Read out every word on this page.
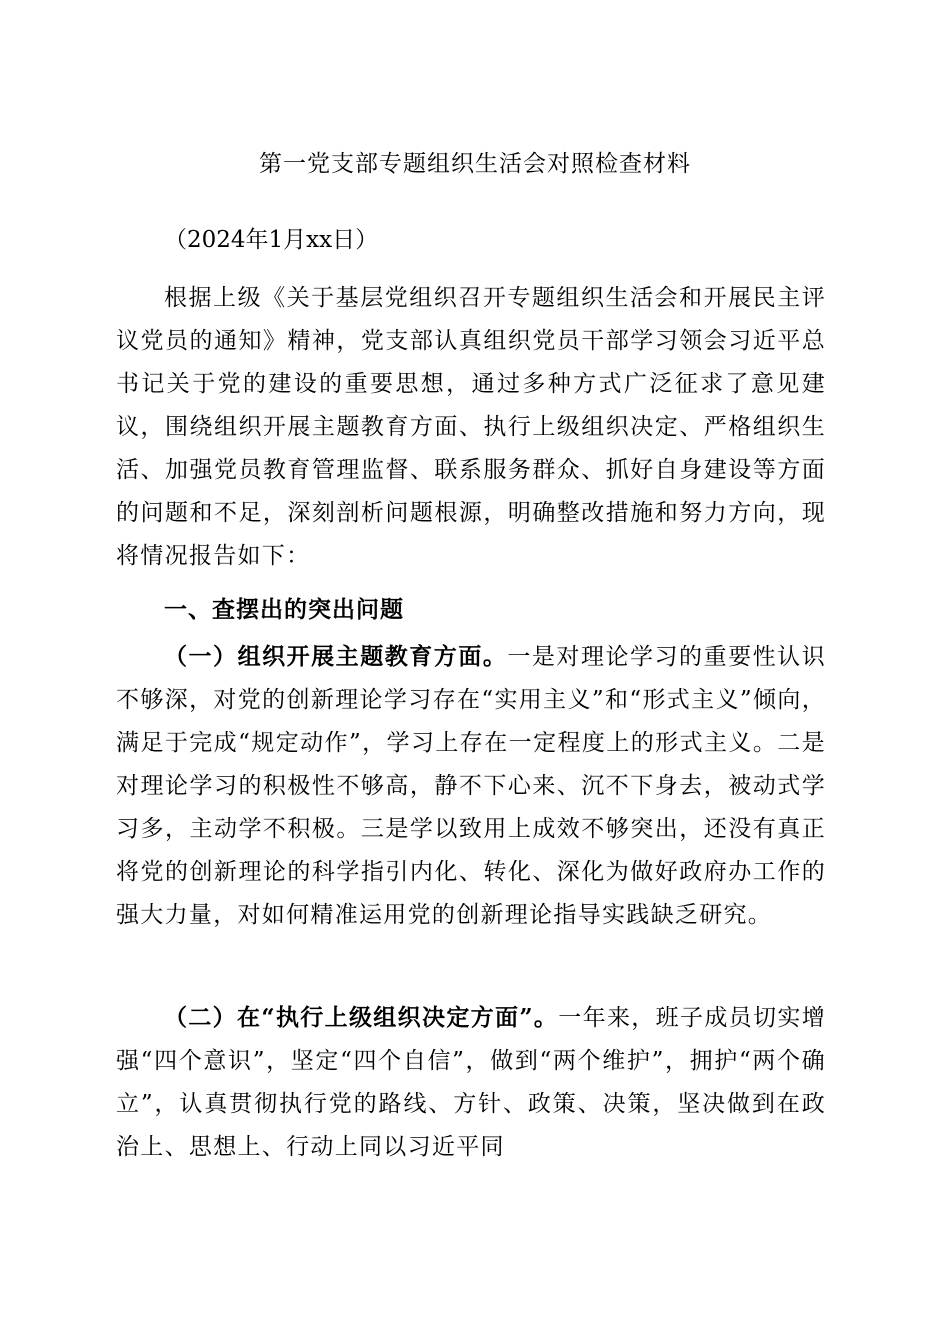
第一党支部专题组织生活会对照检查材料
（2024年1月xx日）

根据上级《关于基层党组织召开专题组织生活会和开展民主评议党员的通知》精神，党支部认真组织党员干部学习领会习近平总书记关于党的建设的重要思想，通过多种方式广泛征求了意见建议，围绕组织开展主题教育方面、执行上级组织决定、严格组织生活、加强党员教育管理监督、联系服务群众、抓好自身建设等方面的问题和不足，深刻剖析问题根源，明确整改措施和努力方向，现将情况报告如下：

一、查摆出的突出问题

（一）组织开展主题教育方面。一是对理论学习的重要性认识不够深，对党的创新理论学习存在“实用主义”和“形式主义”倾向，满足于完成“规定动作”，学习上存在一定程度上的形式主义。二是对理论学习的积极性不够高，静不下心来、沉不下身去，被动式学习多，主动学不积极。三是学以致用上成效不够突出，还没有真正将党的创新理论的科学指引内化、转化、深化为做好政府办工作的强大力量，对如何精准运用党的创新理论指导实践缺乏研究。

（二）在“执行上级组织决定方面”。一年来，班子成员切实增强“四个意识”，坚定“四个自信”，做到“两个维护”，拥护“两个确立”，认真贯彻执行党的路线、方针、政策、决策，坚决做到在政治上、思想上、行动上同以习近平同
